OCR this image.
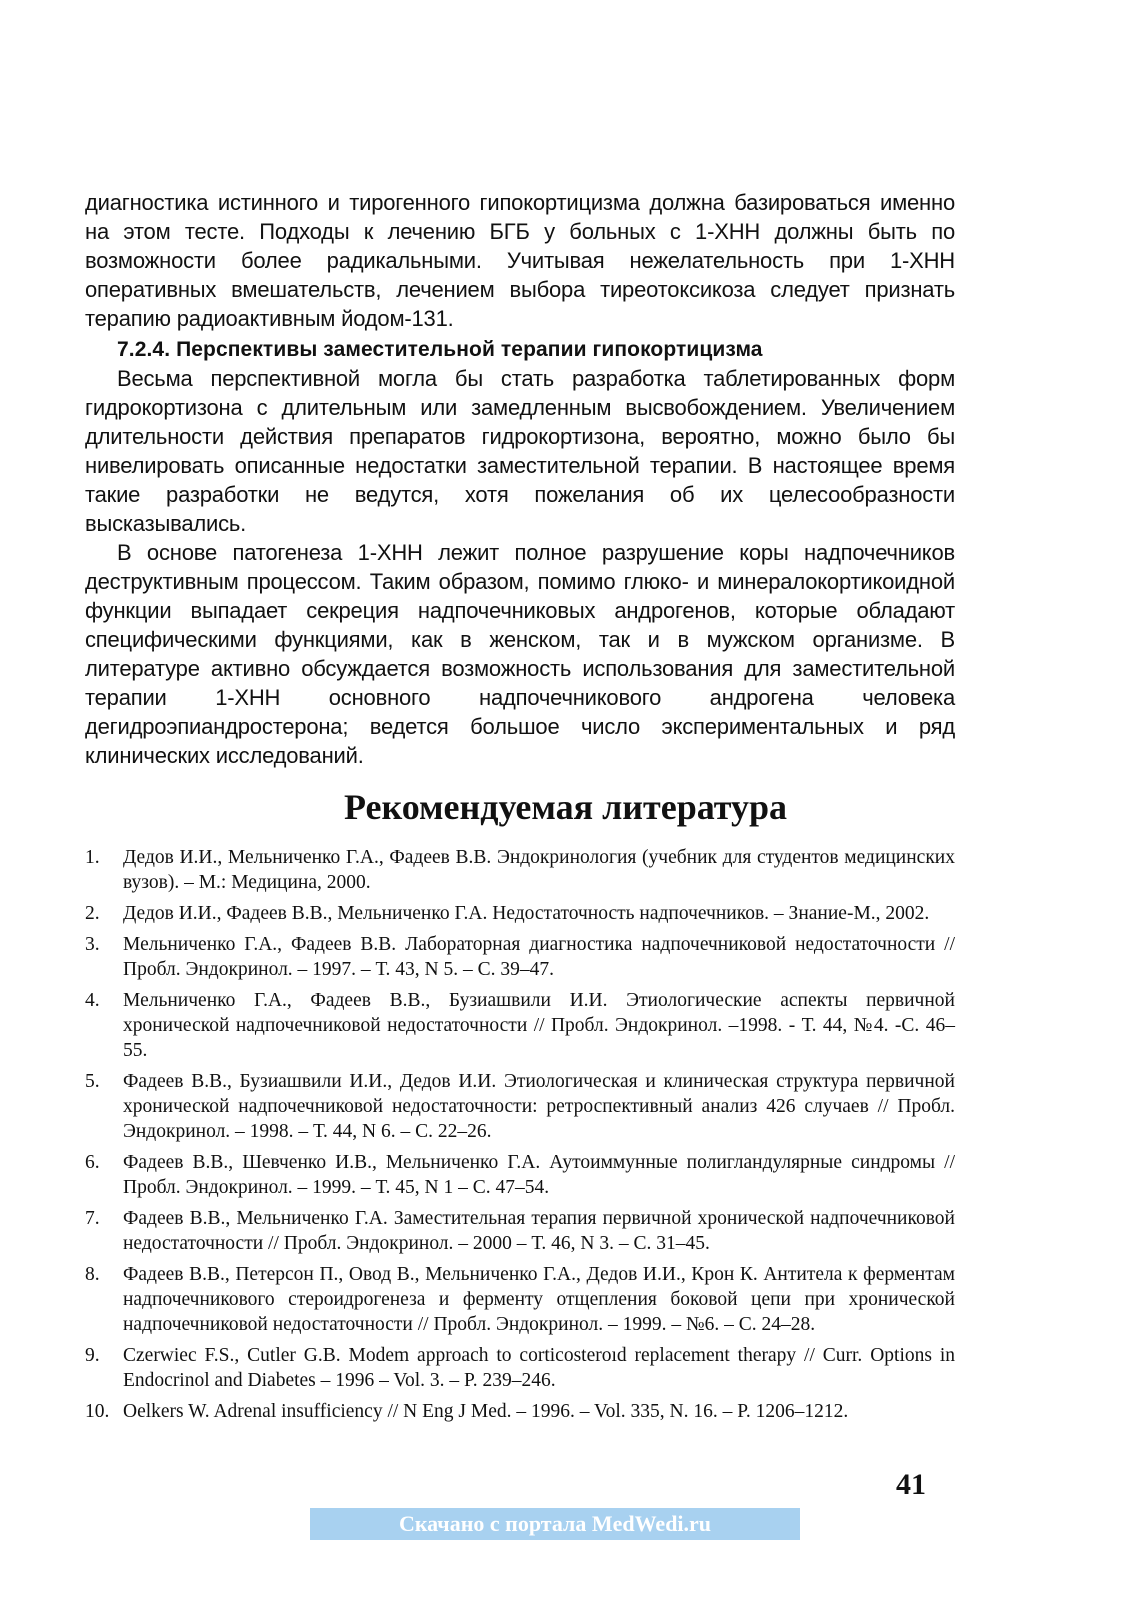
диагностика истинного и тирогенного гипокортицизма должна базироваться именно на этом тесте. Подходы к лечению БГБ у больных с 1-ХНН должны быть по возможности более радикальными. Учитывая нежелательность при 1-ХНН оперативных вмешательств, лечением выбора тиреотоксикоза следует признать терапию радиоактивным йодом-131.

7.2.4. Перспективы заместительной терапии гипокортицизма

Весьма перспективной могла бы стать разработка таблетированных форм гидрокортизона с длительным или замедленным высвобождением. Увеличением длительности действия препаратов гидрокортизона, вероятно, можно было бы нивелировать описанные недостатки заместительной терапии. В настоящее время такие разработки не ведутся, хотя пожелания об их целесообразности высказывались.

В основе патогенеза 1-ХНН лежит полное разрушение коры надпочечников деструктивным процессом. Таким образом, помимо глюко- и минералокортикоидной функции выпадает секреция надпочечниковых андрогенов, которые обладают специфическими функциями, как в женском, так и в мужском организме. В литературе активно обсуждается возможность использования для заместительной терапии 1-ХНН основного надпочечникового андрогена человека дегидроэпиандростерона; ведется большое число экспериментальных и ряд клинических исследований.

Рекомендуемая литература
1.	Дедов И.И., Мельниченко Г.А., Фадеев В.В. Эндокринология (учебник для студентов медицинских вузов). – М.: Медицина, 2000.
2.	Дедов И.И., Фадеев В.В., Мельниченко Г.А. Недостаточность надпочечников. – Знание-М., 2002.
3.	Мельниченко Г.А., Фадеев В.В. Лабораторная диагностика надпочечниковой недостаточности // Пробл. Эндокринол. – 1997. – Т. 43, N 5. – С. 39–47.
4.	Мельниченко Г.А., Фадеев В.В., Бузиашвили И.И. Этиологические аспекты первичной хронической надпочечниковой недостаточности // Пробл. Эндокринол. –1998. - Т. 44, №4. -С. 46–55.
5.	Фадеев В.В., Бузиашвили И.И., Дедов И.И. Этиологическая и клиническая структура первичной хронической надпочечниковой недостаточности: ретроспективный анализ 426 случаев // Пробл. Эндокринол. – 1998. – Т. 44, N 6. – С. 22–26.
6.	Фадеев В.В., Шевченко И.В., Мельниченко Г.А. Аутоиммунные полигландулярные синдромы // Пробл. Эндокринол. – 1999. – Т. 45, N 1 – С. 47–54.
7.	Фадеев В.В., Мельниченко Г.А. Заместительная терапия первичной хронической надпочечниковой недостаточности // Пробл. Эндокринол. – 2000 – Т. 46, N 3. – С. 31–45.
8.	Фадеев В.В., Петерсон П., Овод В., Мельниченко Г.А., Дедов И.И., Крон К. Антитела к ферментам надпочечникового стероидрогенеза и ферменту отщепления боковой цепи при хронической надпочечниковой недостаточности // Пробл. Эндокринол. – 1999. – №6. – С. 24–28.
9.	Czerwiec F.S., Cutler G.B. Modem approach to corticosteroıd replacement therapy // Curr. Options in Endocrinol and Diabetes – 1996 – Vol. 3. – P. 239–246.
10. Oelkers W. Adrenal insufficiency // N Eng J Med. – 1996. – Vol. 335, N. 16. – P. 1206–1212.
41
Скачано с портала MedWedi.ru
